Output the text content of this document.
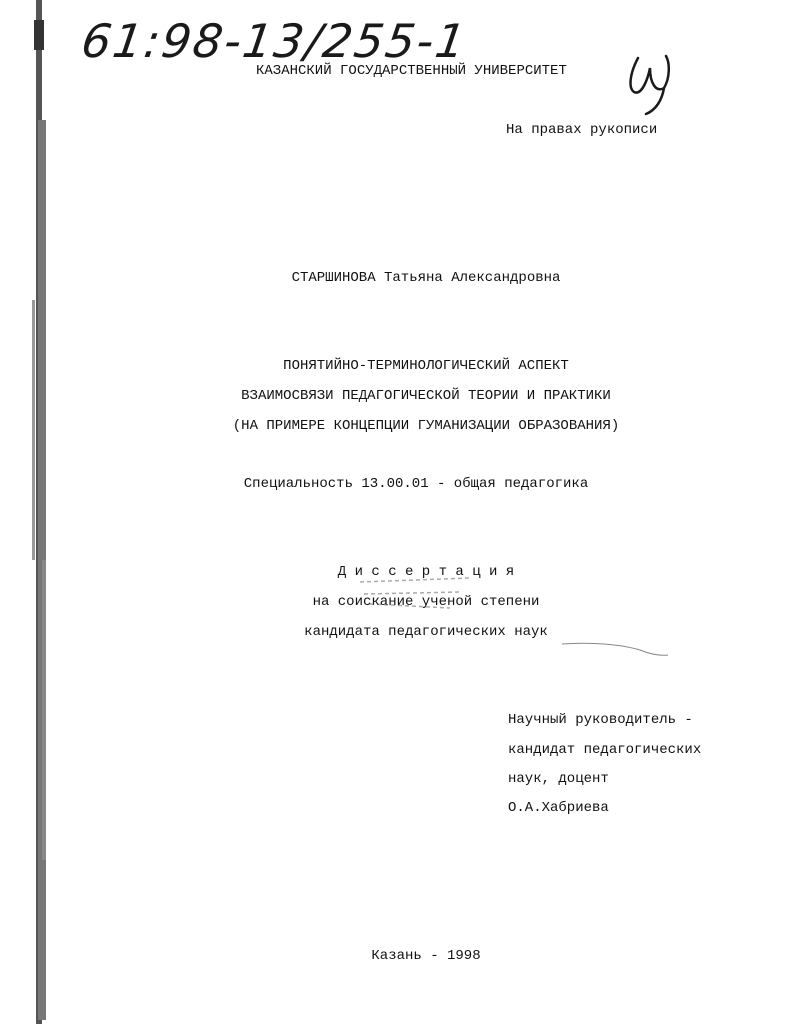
61:98-13/255-1
КАЗАНСКИЙ ГОСУДАРСТВЕННЫЙ УНИВЕРСИТЕТ
На правах рукописи
СТАРШИНОВА Татьяна Александровна
ПОНЯТИЙНО-ТЕРМИНОЛОГИЧЕСКИЙ АСПЕКТ
ВЗАИМОСВЯЗИ ПЕДАГОГИЧЕСКОЙ ТЕОРИИ И ПРАКТИКИ
(НА ПРИМЕРЕ КОНЦЕПЦИИ ГУМАНИЗАЦИИ ОБРАЗОВАНИЯ)
Специальность 13.00.01 - общая педагогика
Д и с с е р т а ц и я
на соискание ученой степени
кандидата педагогических наук
Научный руководитель -
кандидат педагогических
наук, доцент
О.А.Хабриева
Казань - 1998
